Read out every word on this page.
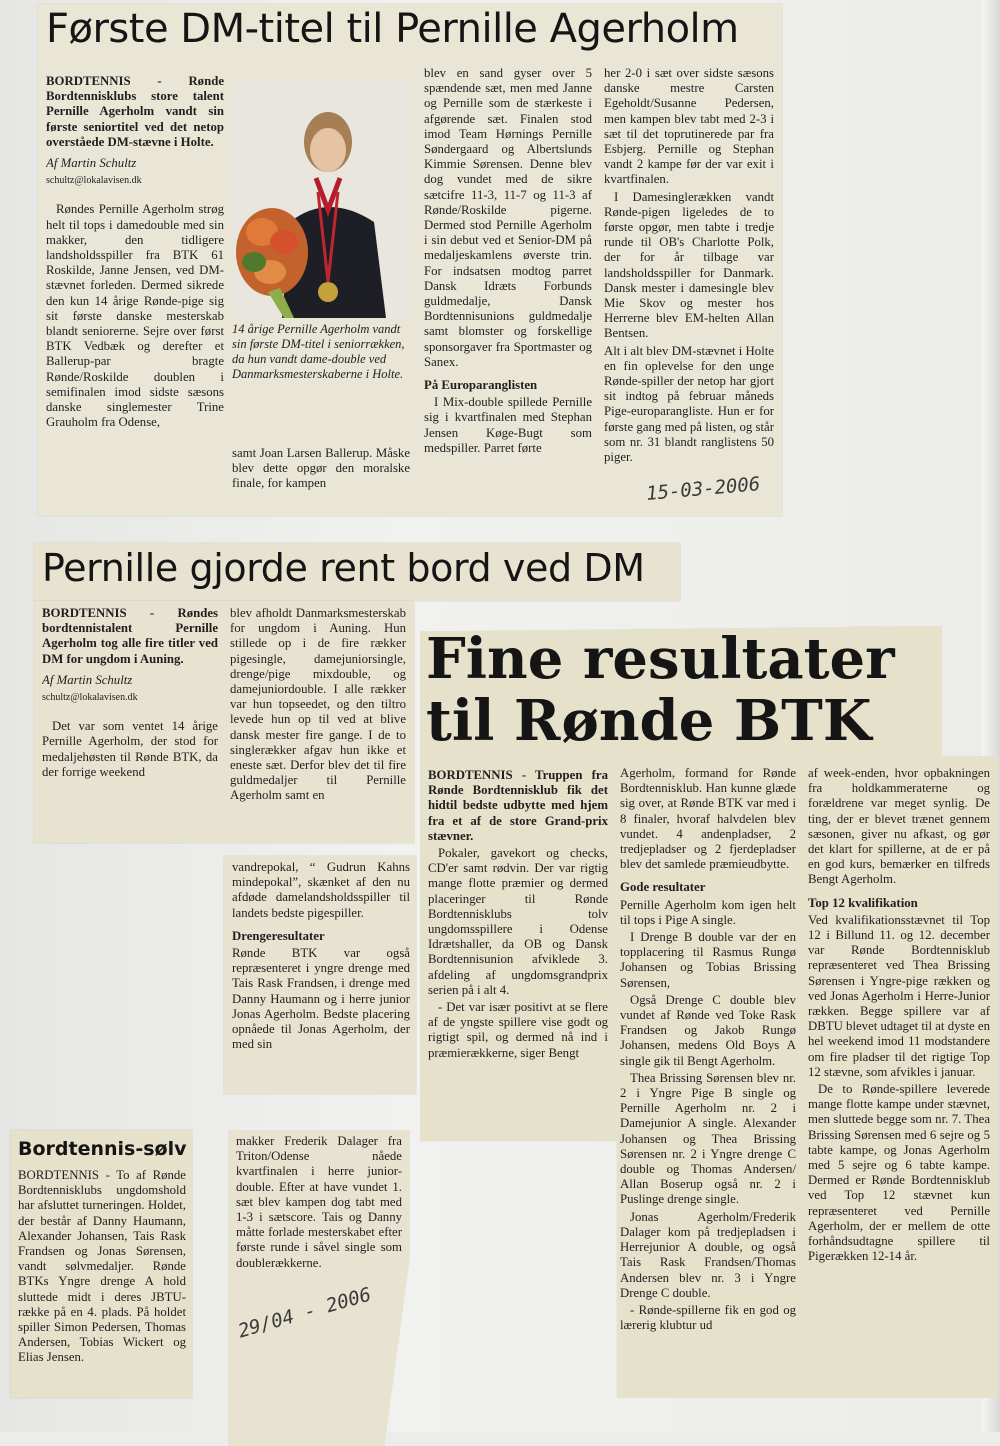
Første DM-titel til Pernille Agerholm

BORDTENNIS - Rønde Bordtennisklubs store talent Pernille Agerholm vandt sin første seniortitel ved det netop overståede DM-stævne i Holte.

Af Martin Schultz

schultz@lokalavisen.dk

Røndes Pernille Agerholm strøg helt til tops i damedouble med sin makker, den tidligere landsholdsspiller fra BTK 61 Roskilde, Janne Jensen, ved DM-stævnet forleden. Dermed sikrede den kun 14 årige Rønde-pige sig sit første danske mesterskab blandt seniorerne. Sejre over først BTK Vedbæk og derefter et Ballerup-par bragte Rønde/Roskilde doublen i semifinalen imod sidste sæsons danske singlemester Trine Grauholm fra Odense,

14 årige Pernille Agerholm vandt sin første DM-titel i seniorrækken, da hun vandt dame-double ved Danmarksmesterskaberne i Holte.

samt Joan Larsen Ballerup. Måske blev dette opgør den moralske finale, for kampen

blev en sand gyser over 5 spændende sæt, men med Janne og Pernille som de stærkeste i afgørende sæt. Finalen stod imod Team Hørnings Pernille Søndergaard og Albertslunds Kimmie Sørensen. Denne blev dog vundet med de sikre sætcifre 11-3, 11-7 og 11-3 af Rønde/Roskilde pigerne. Dermed stod Pernille Agerholm i sin debut ved et Senior-DM på medaljeskamlens øverste trin. For indsatsen modtog parret Dansk Idræts Forbunds guldmedalje, Dansk Bordtennisunions guldmedalje samt blomster og forskellige sponsorgaver fra Sportmaster og Sanex.

På Europaranglisten

I Mix-double spillede Pernille sig i kvartfinalen med Stephan Jensen Køge-Bugt som medspiller. Parret førte

her 2-0 i sæt over sidste sæsons danske mestre Carsten Egeholdt/Susanne Pedersen, men kampen blev tabt med 2-3 i sæt til det toprutinerede par fra Esbjerg. Pernille og Stephan vandt 2 kampe før der var exit i kvartfinalen.

I Damesinglerækken vandt Rønde-pigen ligeledes de to første opgør, men tabte i tredje runde til OB's Charlotte Polk, der for år tilbage var landsholdsspiller for Danmark. Dansk mester i damesingle blev Mie Skov og mester hos Herrerne blev EM-helten Allan Bentsen.

Alt i alt blev DM-stævnet i Holte en fin oplevelse for den unge Rønde-spiller der netop har gjort sit indtog på februar måneds Pige-europaranglistе. Hun er for første gang med på listen, og står som nr. 31 blandt ranglistens 50 piger.

15-03-2006
Pernille gjorde rent bord ved DM

BORDTENNIS - Røndes bordtennistalent Pernille Agerholm tog alle fire titler ved DM for ungdom i Auning.

Af Martin Schultz

schultz@lokalavisen.dk

Det var som ventet 14 årige Pernille Agerholm, der stod for medaljehøsten til Rønde BTK, da der forrige weekend

blev afholdt Danmarksmesterskab for ungdom i Auning. Hun stillede op i de fire rækker pigesingle, damejuniorsingle, drenge/pige mixdouble, og damejuniordouble. I alle rækker var hun topseedet, og den tiltro levede hun op til ved at blive dansk mester fire gange. I de to singlerækker afgav hun ikke et eneste sæt. Derfor blev det til fire guldmedaljer til Pernille Agerholm samt en

vandrepokal, “ Gudrun Kahns mindepokal”, skænket af den nu afdøde damelandsholdsspiller til landets bedste pigespiller.

Drengeresultater

Rønde BTK var også repræsenteret i yngre drenge med Tais Rask Frandsen, i drenge med Danny Haumann og i herre junior Jonas Agerholm. Bedste placering opnåede til Jonas Agerholm, der med sin

makker Frederik Dalager fra Triton/Odense nåede kvartfinalen i herre junior-double. Efter at have vundet 1. sæt blev kampen dog tabt med 1-3 i sætscore. Tais og Danny måtte forlade mesterskabet efter første runde i såvel single som doublerækkerne.

29/04 - 2006
Bordtennis-sølv

BORDTENNIS - To af Rønde Bordtennisklubs ungdomshold har afsluttet turneringen. Holdet, der består af Danny Haumann, Alexander Johansen, Tais Rask Frandsen og Jonas Sørensen, vandt sølvmedaljer. Rønde BTKs Yngre drenge A hold sluttede midt i deres JBTU-række på en 4. plads. På holdet spiller Simon Pedersen, Thomas Andersen, Tobias Wickert og Elias Jensen.

Fine resultater til Rønde BTK

BORDTENNIS - Truppen fra Rønde Bordtennisklub fik det hidtil bedste udbytte med hjem fra et af de store Grand-prix stævner.

Pokaler, gavekort og checks, CD'er samt rødvin. Der var rigtig mange flotte præmier og dermed placeringer til Rønde Bordtennisklubs tolv ungdomsspillere i Odense Idrætshaller, da OB og Dansk Bordtennisunion afviklede 3. afdeling af ungdomsgrandprix serien på i alt 4.

- Det var især positivt at se flere af de yngste spillere vise godt og rigtigt spil, og dermed nå ind i præmierækkerne, siger Bengt

Agerholm, formand for Rønde Bordtennisklub. Han kunne glæde sig over, at Rønde BTK var med i 8 finaler, hvoraf halvdelen blev vundet. 4 andenpladser, 2 tredjepladser og 2 fjerdepladser blev det samlede præmieudbytte.

Gode resultater

Pernille Agerholm kom igen helt til tops i Pige A single.

I Drenge B double var der en topplacering til Rasmus Rungø Johansen og Tobias Brissing Sørensen,

Også Drenge C double blev vundet af Rønde ved Toke Rask Frandsen og Jakob Rungø Johansen, medens Old Boys A single gik til Bengt Agerholm.

Thea Brissing Sørensen blev nr. 2 i Yngre Pige B single og Pernille Agerholm nr. 2 i Damejunior A single. Alexander Johansen og Thea Brissing Sørensen nr. 2 i Yngre drenge C double og Thomas Andersen/ Allan Boserup også nr. 2 i Puslinge drenge single.

Jonas Agerholm/Frederik Dalager kom på tredjepladsen i Herrejunior A double, og også Tais Rask Frandsen/Thomas Andersen blev nr. 3 i Yngre Drenge C double.

- Rønde-spillerne fik en god og lærerig klubtur ud

af week-enden, hvor opbakningen fra holdkammeraterne og forældrene var meget synlig. De ting, der er blevet trænet gennem sæsonen, giver nu afkast, og gør det klart for spillerne, at de er på en god kurs, bemærker en tilfreds Bengt Agerholm.

Top 12 kvalifikation

Ved kvalifikationsstævnet til Top 12 i Billund 11. og 12. december var Rønde Bordtennisklub repræsenteret ved Thea Brissing Sørensen i Yngre-pige rækken og ved Jonas Agerholm i Herre-Junior rækken. Begge spillere var af DBTU blevet udtaget til at dyste en hel weekend imod 11 modstandere om fire pladser til det rigtige Top 12 stævne, som afvikles i januar.

De to Rønde-spillere leverede mange flotte kampe under stævnet, men sluttede begge som nr. 7. Thea Brissing Sørensen med 6 sejre og 5 tabte kampe, og Jonas Agerholm med 5 sejre og 6 tabte kampe. Dermed er Rønde Bordtennisklub ved Top 12 stævnet kun repræsenteret ved Pernille Agerholm, der er mellem de otte forhåndsudtagne spillere til Pigerækken 12-14 år.
